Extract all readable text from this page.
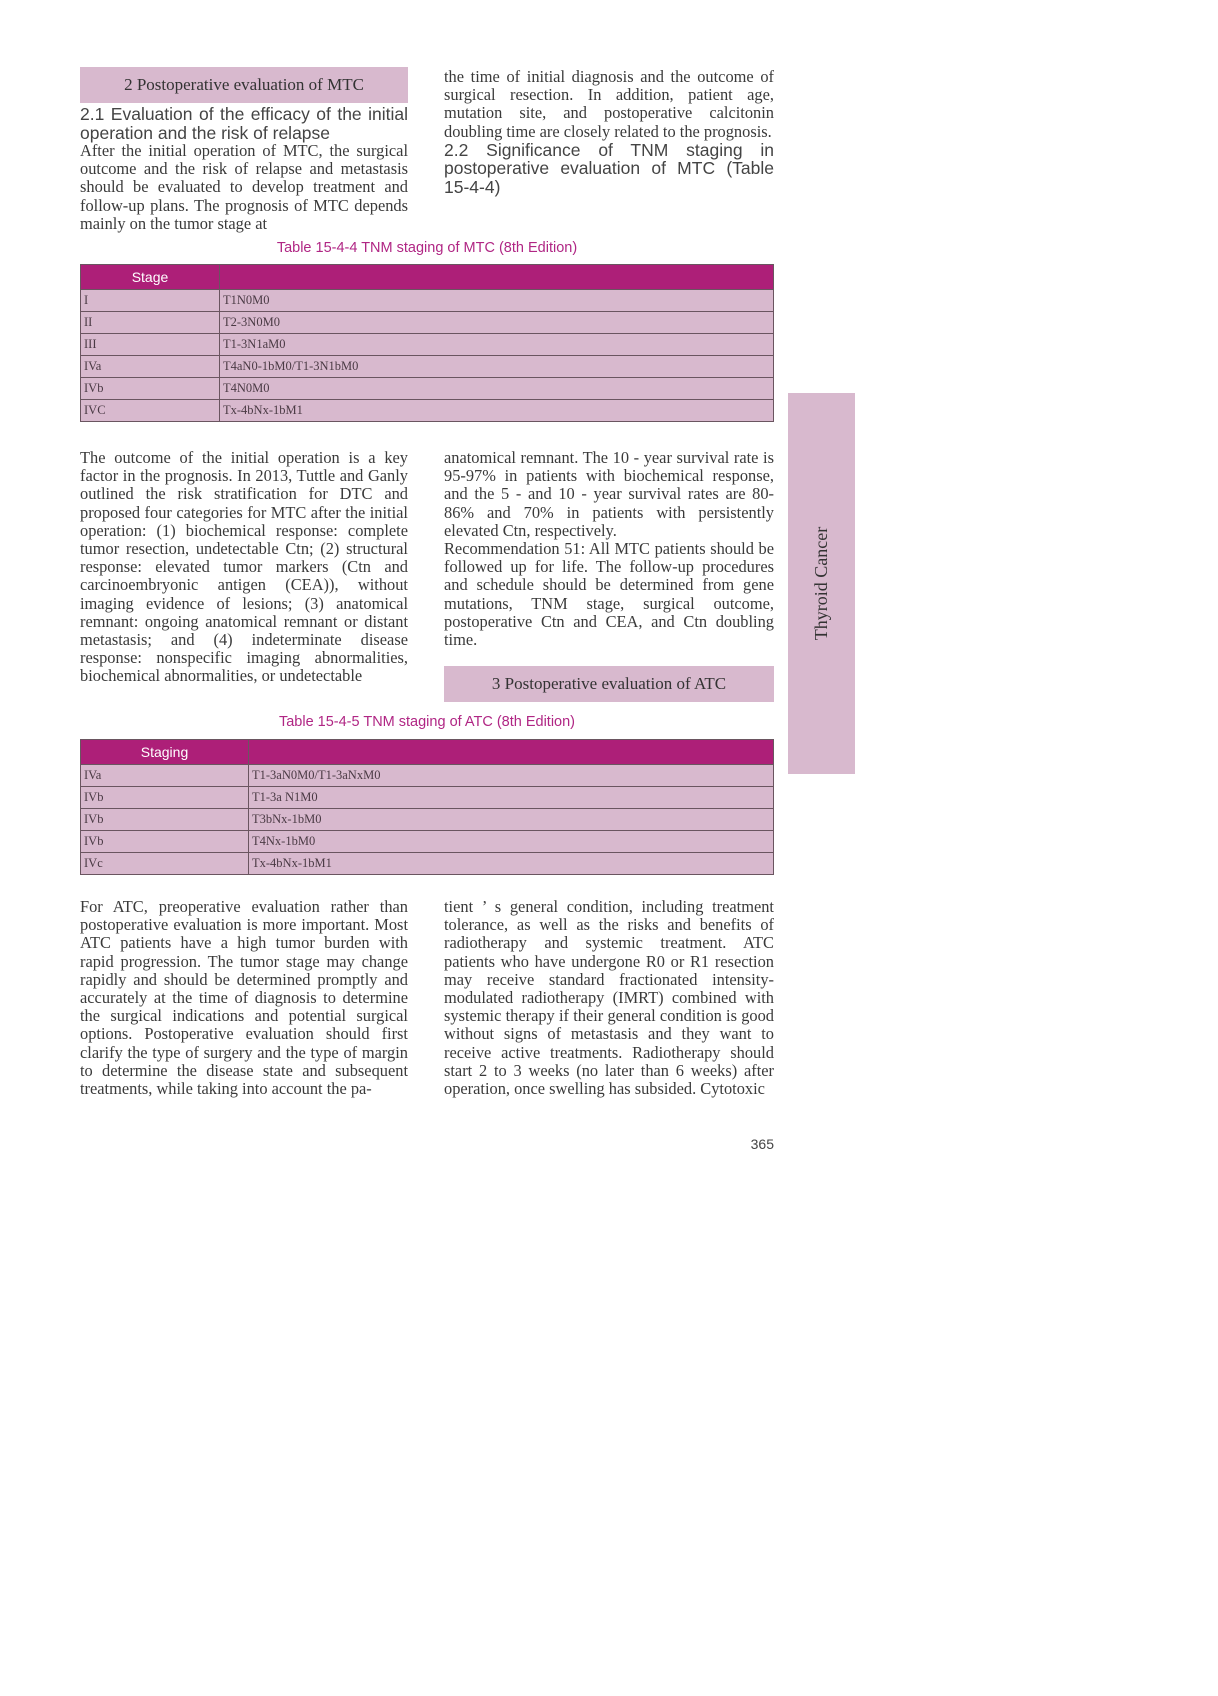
2 Postoperative evaluation of MTC

2.1 Evaluation of the efficacy of the initial operation and the risk of relapse

After the initial operation of MTC, the surgical outcome and the risk of relapse and metastasis should be evaluated to develop treatment and follow-up plans. The prognosis of MTC depends mainly on the tumor stage at

the time of initial diagnosis and the outcome of surgical resection. In addition, patient age, mutation site, and postoperative calcitonin doubling time are closely related to the prognosis.

2.2 Significance of TNM staging in postoperative evaluation of MTC (Table 15-4-4)

Table 15-4-4 TNM staging of MTC (8th Edition)
Stage	
I	T1N0M0
II	T2-3N0M0
III	T1-3N1aM0
IVa	T4aN0-1bM0/T1-3N1bM0
IVb	T4N0M0
IVC	Tx-4bNx-1bM1
Thyroid Cancer

The outcome of the initial operation is a key factor in the prognosis. In 2013, Tuttle and Ganly outlined the risk stratification for DTC and proposed four categories for MTC after the initial operation: (1) biochemical response: complete tumor resection, undetectable Ctn; (2) structural response: elevated tumor markers (Ctn and carcinoembryonic antigen (CEA)), without imaging evidence of lesions; (3) anatomical remnant: ongoing anatomical remnant or distant metastasis; and (4) indeterminate disease response: nonspecific imaging abnormalities, biochemical abnormalities, or undetectable

anatomical remnant. The 10 - year survival rate is 95-97% in patients with biochemical response, and the 5 - and 10 - year survival rates are 80-86% and 70% in patients with persistently elevated Ctn, respectively.

Recommendation 51: All MTC patients should be followed up for life. The follow-up procedures and schedule should be determined from gene mutations, TNM stage, surgical outcome, postoperative Ctn and CEA, and Ctn doubling time.

3 Postoperative evaluation of ATC
Table 15-4-5 TNM staging of ATC (8th Edition)
Staging	
IVa	T1-3aN0M0/T1-3aNxM0
IVb	T1-3a N1M0
IVb	T3bNx-1bM0
IVb	T4Nx-1bM0
IVc	Tx-4bNx-1bM1

For ATC, preoperative evaluation rather than postoperative evaluation is more important. Most ATC patients have a high tumor burden with rapid progression. The tumor stage may change rapidly and should be determined promptly and accurately at the time of diagnosis to determine the surgical indications and potential surgical options. Postoperative evaluation should first clarify the type of surgery and the type of margin to determine the disease state and subsequent treatments, while taking into account the pa-

tient ’ s general condition, including treatment tolerance, as well as the risks and benefits of radiotherapy and systemic treatment. ATC patients who have undergone R0 or R1 resection may receive standard fractionated intensity-modulated radiotherapy (IMRT) combined with systemic therapy if their general condition is good without signs of metastasis and they want to receive active treatments. Radiotherapy should start 2 to 3 weeks (no later than 6 weeks) after operation, once swelling has subsided. Cytotoxic

365
